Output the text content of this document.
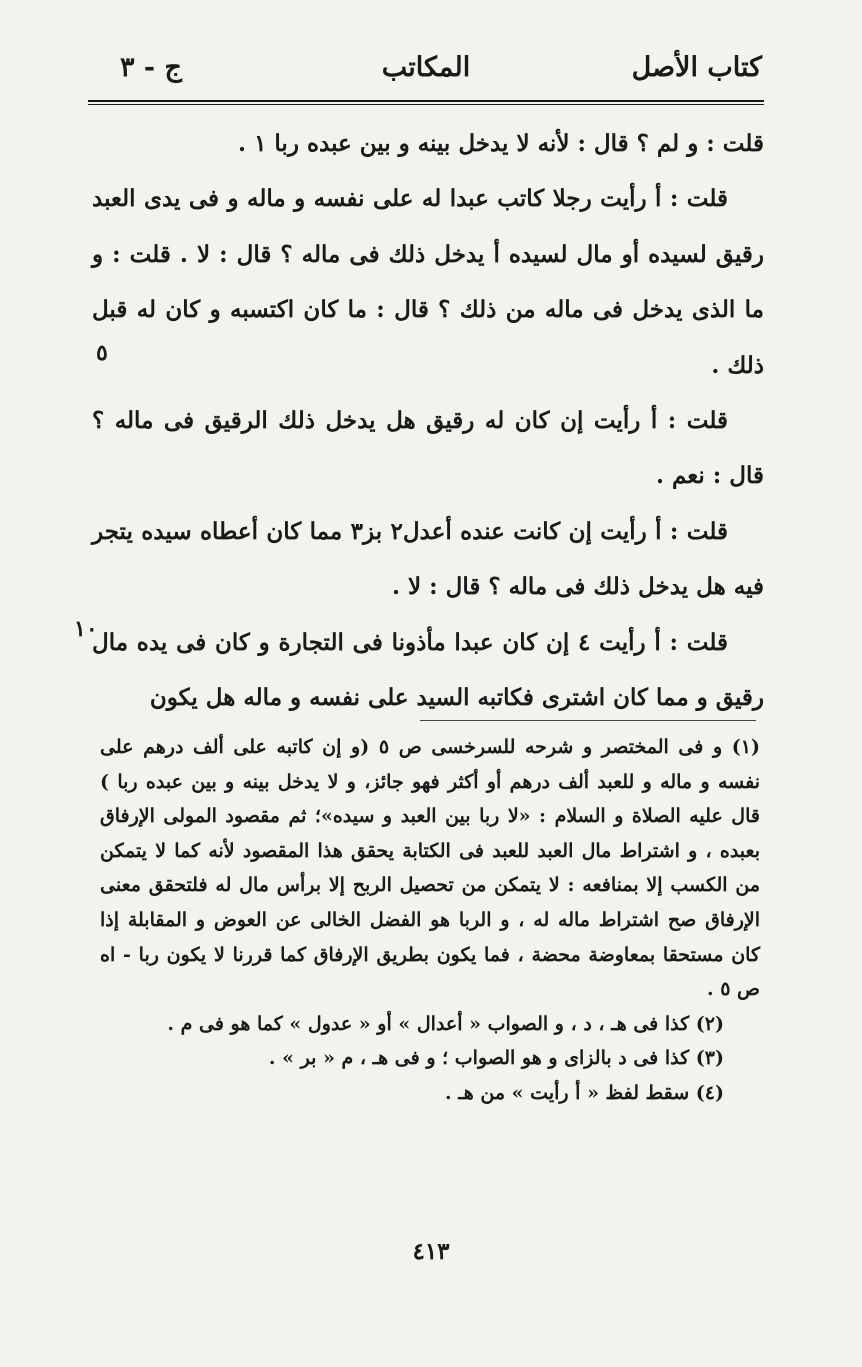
كتاب الأصل
المكاتب
ج - ٣

قلت : و لم ؟ قال : لأنه لا يدخل بينه و بين عبده ربا ١ .

قلت : أ رأيت رجلا كاتب عبدا له على نفسه و ماله و فى يدى العبد رقيق لسيده أو مال لسيده أ يدخل ذلك فى ماله ؟ قال : لا . قلت : و ما الذى يدخل فى ماله من ذلك ؟ قال : ما كان اكتسبه و كان له قبل ذلك .

قلت : أ رأيت إن كان له رقيق هل يدخل ذلك الرقيق فى ماله ؟ قال : نعم .

قلت : أ رأيت إن كانت عنده أعدل٢ بز٣ مما كان أعطاه سيده يتجر فيه هل يدخل ذلك فى ماله ؟ قال : لا .

قلت : أ رأيت ٤ إن كان عبدا مأذونا فى التجارة و كان فى يده مال رقيق و مما كان اشترى فكاتبه السيد على نفسه و ماله هل يكون

٥
١٠

(١) و فى المختصر و شرحه للسرخسى ص ٥ (و إن كاتبه على ألف درهم على نفسه و ماله و للعبد ألف درهم أو أكثر فهو جائز، و لا يدخل بينه و بين عبده ربا ) قال عليه الصلاة و السلام : «لا ربا بين العبد و سيده»؛ ثم مقصود المولى الإرفاق بعبده ، و اشتراط مال العبد للعبد فى الكتابة يحقق هذا المقصود لأنه كما لا يتمكن من الكسب إلا بمنافعه : لا يتمكن من تحصيل الربح إلا برأس مال له فلتحقق معنى الإرفاق صح اشتراط ماله له ، و الربا هو الفضل الخالى عن العوض و المقابلة إذا كان مستحقا بمعاوضة محضة ، فما يكون بطريق الإرفاق كما قررنا لا يكون ربا - اه ص ٥ .

(٢) كذا فى هـ ، د ، و الصواب « أعدال » أو « عدول » كما هو فى م .

(٣) كذا فى د بالزاى و هو الصواب ؛ و فى هـ ، م « بر » .

(٤) سقط لفظ « أ رأيت » من هـ .

٤١٣
